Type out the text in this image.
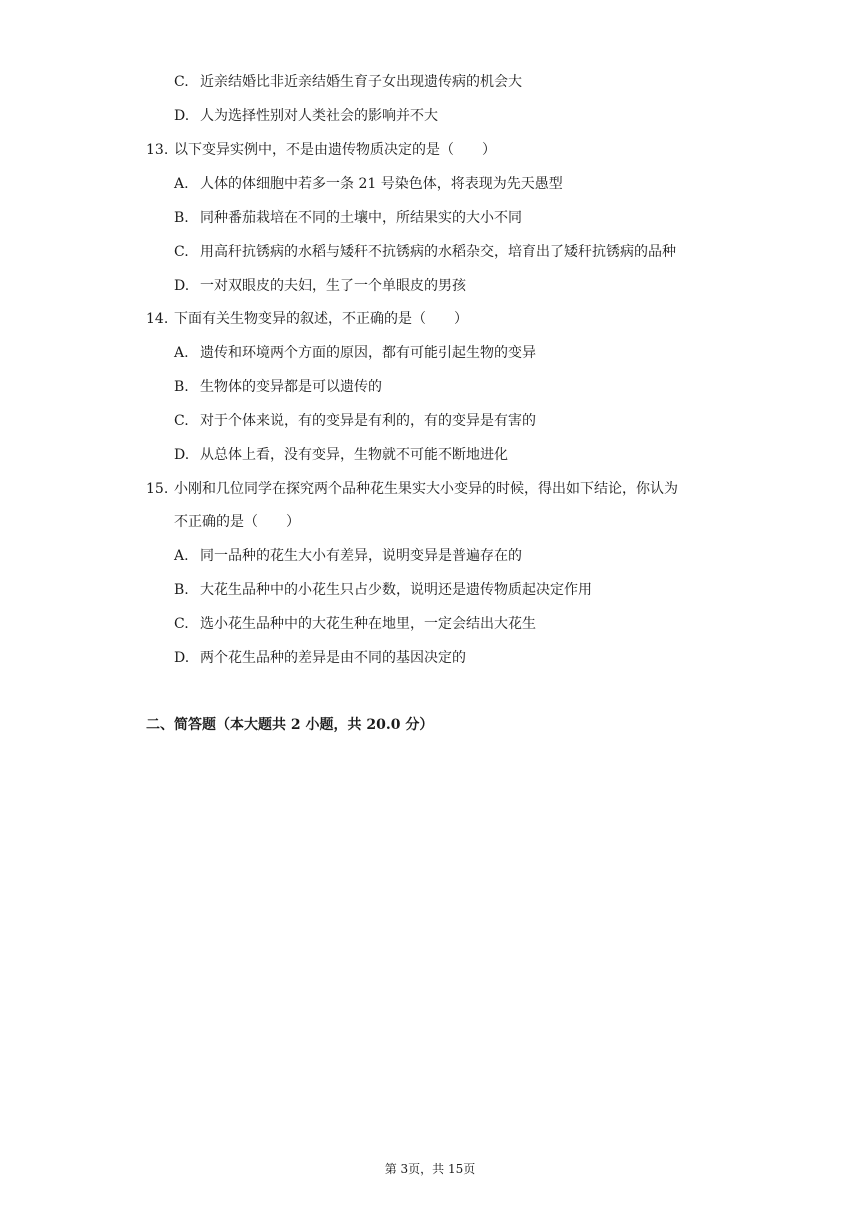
C. 近亲结婚比非近亲结婚生育子女出现遗传病的机会大
D. 人为选择性别对人类社会的影响并不大
13. 以下变异实例中，不是由遗传物质决定的是（　　）
A. 人体的体细胞中若多一条 21 号染色体，将表现为先天愚型
B. 同种番茄栽培在不同的土壤中，所结果实的大小不同
C. 用高秆抗锈病的水稻与矮秆不抗锈病的水稻杂交，培育出了矮秆抗锈病的品种
D. 一对双眼皮的夫妇，生了一个单眼皮的男孩
14. 下面有关生物变异的叙述，不正确的是（　　）
A. 遗传和环境两个方面的原因，都有可能引起生物的变异
B. 生物体的变异都是可以遗传的
C. 对于个体来说，有的变异是有利的，有的变异是有害的
D. 从总体上看，没有变异，生物就不可能不断地进化
15. 小刚和几位同学在探究两个品种花生果实大小变异的时候，得出如下结论，你认为
不正确的是（　　）
A. 同一品种的花生大小有差异，说明变异是普遍存在的
B. 大花生品种中的小花生只占少数，说明还是遗传物质起决定作用
C. 选小花生品种中的大花生种在地里，一定会结出大花生
D. 两个花生品种的差异是由不同的基因决定的
二、简答题（本大题共 2 小题，共 20.0 分）
第 3页，共 15页
